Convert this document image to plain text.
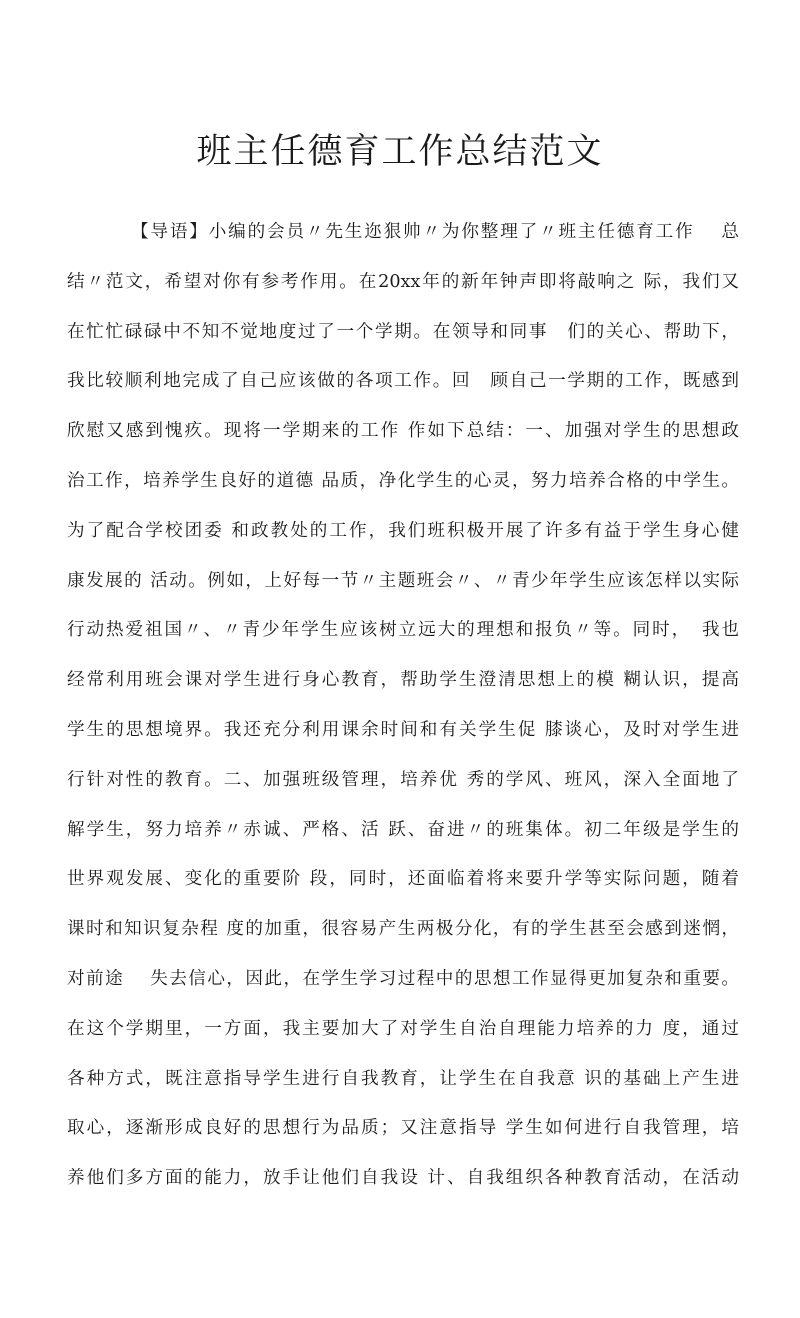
班主任德育工作总结范文
【导语】小编的会员〃先生迩狠帅〃为你整理了〃班主任德育工作　 总
结〃范文，希望对你有参考作用。在20xx年的新年钟声即将敲响之 际，我们又
在忙忙碌碌中不知不觉地度过了一个学期。在领导和同事　们的关心、帮助下，
我比较顺利地完成了自己应该做的各项工作。回　顾自己一学期的工作，既感到
欣慰又感到愧疚。现将一学期来的工作 作如下总结：一、加强对学生的思想政
治工作，培养学生良好的道德 品质，净化学生的心灵，努力培养合格的中学生。
为了配合学校团委 和政教处的工作，我们班积极开展了许多有益于学生身心健
康发展的 活动。例如，上好每一节〃主题班会〃、〃青少年学生应该怎样以实际
行动热爱祖国〃、〃青少年学生应该树立远大的理想和报负〃等。同时，　我也
经常利用班会课对学生进行身心教育，帮助学生澄清思想上的模 糊认识，提高
学生的思想境界。我还充分利用课余时间和有关学生促 膝谈心，及时对学生进
行针对性的教育。二、加强班级管理，培养优 秀的学风、班风，深入全面地了
解学生，努力培养〃赤诚、严格、活 跃、奋进〃的班集体。初二年级是学生的
世界观发展、变化的重要阶 段，同时，还面临着将来要升学等实际问题，随着
课时和知识复杂程 度的加重，很容易产生两极分化，有的学生甚至会感到迷惘，
对前途　 失去信心，因此，在学生学习过程中的思想工作显得更加复杂和重要。
在这个学期里，一方面，我主要加大了对学生自治自理能力培养的力 度，通过
各种方式，既注意指导学生进行自我教育，让学生在自我意 识的基础上产生进
取心，逐渐形成良好的思想行为品质；又注意指导 学生如何进行自我管理，培
养他们多方面的能力，放手让他们自我设 计、自我组织各种教育活动，在活动
